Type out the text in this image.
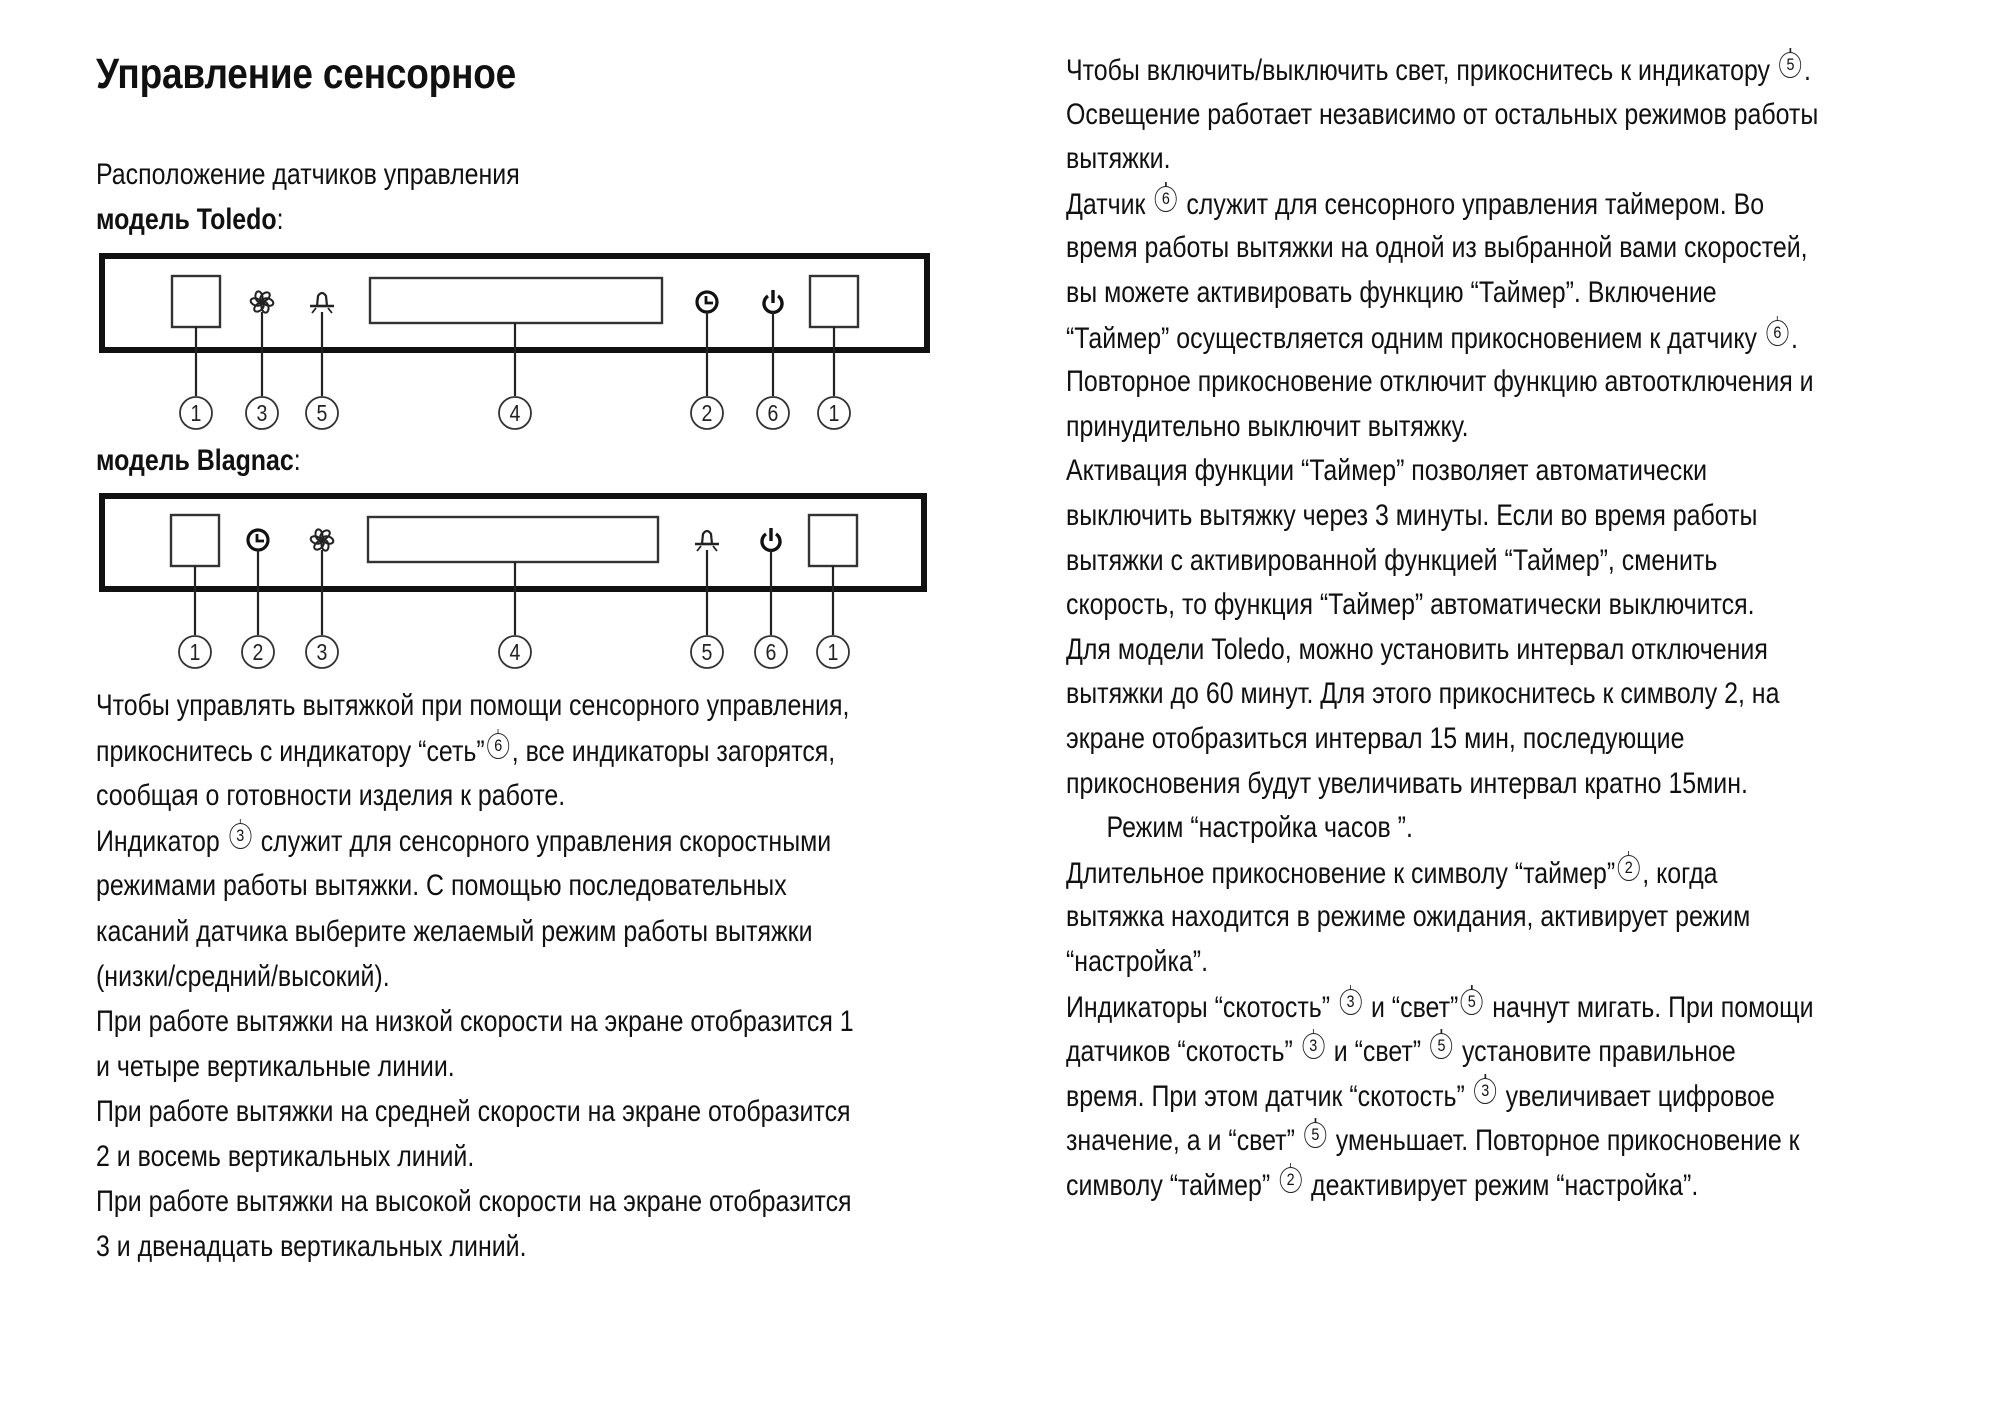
Управление сенсорное
Расположение датчиков управления
модель Toledo:
модель Blagnac:
1 3 5	4	2 6 1
1 2 3	4	5 6 1
Чтобы управлять вытяжкой при помощи сенсорного управления,
прикоснитесь с индикатору “сеть” 6 , все индикаторы загорятся,
сообщая о готовности изделия к работе.
Индикатор 3 служит для сенсорного управления скоростными
режимами работы вытяжки. С помощью последовательных
касаний датчика выберите желаемый режим работы вытяжки
(низки/средний/высокий).
При работе вытяжки на низкой скорости на экране отобразится 1
и четыре вертикальные линии.
При работе вытяжки на средней скорости на экране отобразится
2 и восемь вертикальных линий.
При работе вытяжки на высокой скорости на экране отобразится
3 и двенадцать вертикальных линий.
Чтобы включить/выключить свет, прикоснитесь к индикатору 5 .
Освещение работает независимо от остальных режимов работы
вытяжки.
Датчик 6 служит для сенсорного управления таймером. Во
время работы вытяжки на одной из выбранной вами скоростей,
вы можете активировать функцию “Таймер”. Включение
“Таймер” осуществляется одним прикосновением к датчику 6 .
Повторное прикосновение отключит функцию автоотключения и
принудительно выключит вытяжку.
Активация функции “Таймер” позволяет автоматически
выключить вытяжку через 3 минуты. Если во время работы
вытяжки с активированной функцией “Таймер”, сменить
скорость, то функция “Таймер” автоматически выключится.
Для модели Toledo, можно установить интервал отключения
вытяжки до 60 минут. Для этого прикоснитесь к символу 2, на
экране отобразиться интервал 15 мин, последующие
прикосновения будут увеличивать интервал кратно 15мин.
Режим “настройка часов ”.
Длительное прикосновение к символу “таймер” 2 , когда
вытяжка находится в режиме ожидания, активирует режим
“настройка”.
Индикаторы “скотость” 3 и “свет” 5 начнут мигать. При помощи
датчиков “скотость” 3 и “свет” 5 установите правильное
время. При этом датчик “скотость” 3 увеличивает цифровое
значение, а и “свет” 5 уменьшает. Повторное прикосновение к
символу “таймер” 2 деактивирует режим “настройка”.
